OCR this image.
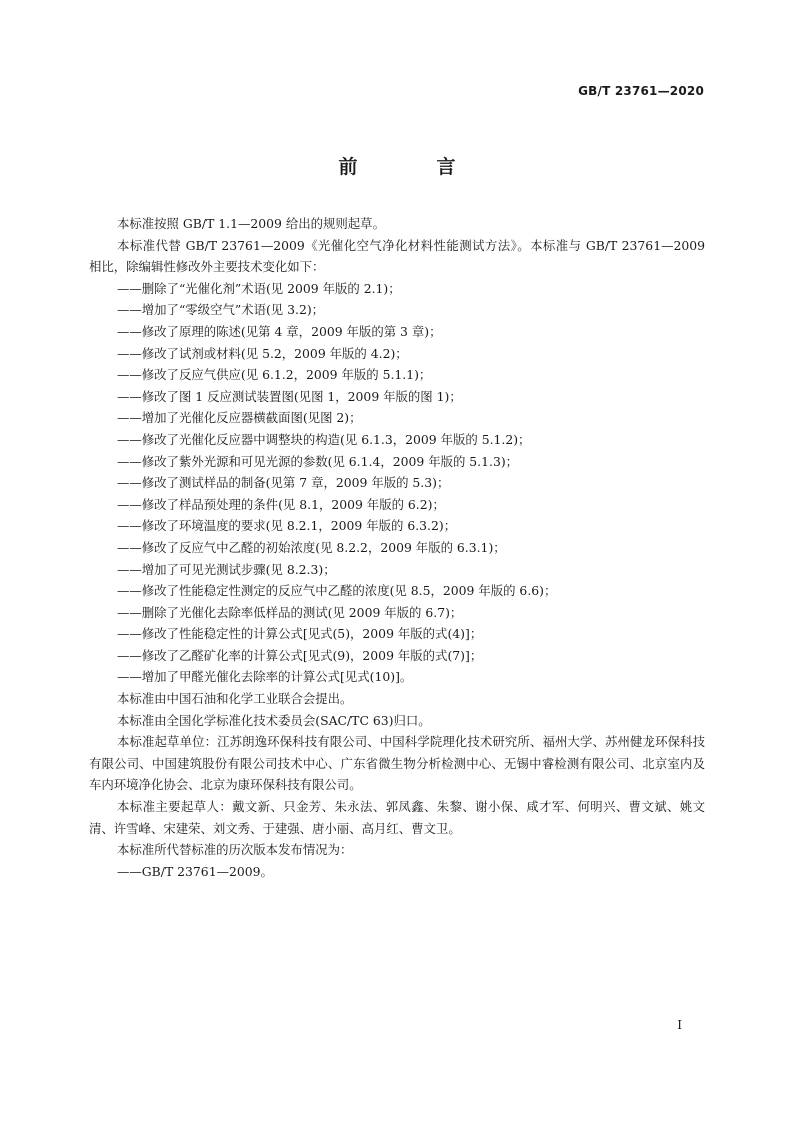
GB/T 23761—2020
前　言

本标准按照 GB/T 1.1—2009 给出的规则起草。

本标准代替 GB/T 23761—2009《光催化空气净化材料性能测试方法》。本标准与 GB/T 23761—2009 相比，除编辑性修改外主要技术变化如下：

——删除了“光催化剂”术语(见 2009 年版的 2.1)；

——增加了“零级空气”术语(见 3.2)；

——修改了原理的陈述(见第 4 章，2009 年版的第 3 章)；

——修改了试剂或材料(见 5.2，2009 年版的 4.2)；

——修改了反应气供应(见 6.1.2，2009 年版的 5.1.1)；

——修改了图 1 反应测试装置图(见图 1，2009 年版的图 1)；

——增加了光催化反应器横截面图(见图 2)；

——修改了光催化反应器中调整块的构造(见 6.1.3，2009 年版的 5.1.2)；

——修改了紫外光源和可见光源的参数(见 6.1.4，2009 年版的 5.1.3)；

——修改了测试样品的制备(见第 7 章，2009 年版的 5.3)；

——修改了样品预处理的条件(见 8.1，2009 年版的 6.2)；

——修改了环境温度的要求(见 8.2.1，2009 年版的 6.3.2)；

——修改了反应气中乙醛的初始浓度(见 8.2.2，2009 年版的 6.3.1)；

——增加了可见光测试步骤(见 8.2.3)；

——修改了性能稳定性测定的反应气中乙醛的浓度(见 8.5，2009 年版的 6.6)；

——删除了光催化去除率低样品的测试(见 2009 年版的 6.7)；

——修改了性能稳定性的计算公式[见式(5)，2009 年版的式(4)]；

——修改了乙醛矿化率的计算公式[见式(9)，2009 年版的式(7)]；

——增加了甲醛光催化去除率的计算公式[见式(10)]。

本标准由中国石油和化学工业联合会提出。

本标准由全国化学标准化技术委员会(SAC/TC 63)归口。

本标准起草单位：江苏朗逸环保科技有限公司、中国科学院理化技术研究所、福州大学、苏州健龙环保科技有限公司、中国建筑股份有限公司技术中心、广东省微生物分析检测中心、无锡中睿检测有限公司、北京室内及车内环境净化协会、北京为康环保科技有限公司。

本标准主要起草人：戴文新、只金芳、朱永法、郭凤鑫、朱黎、谢小保、咸才军、何明兴、曹文斌、姚文清、许雪峰、宋建荣、刘文秀、于建强、唐小丽、高月红、曹文卫。

本标准所代替标准的历次版本发布情况为：

——GB/T 23761—2009。

I
